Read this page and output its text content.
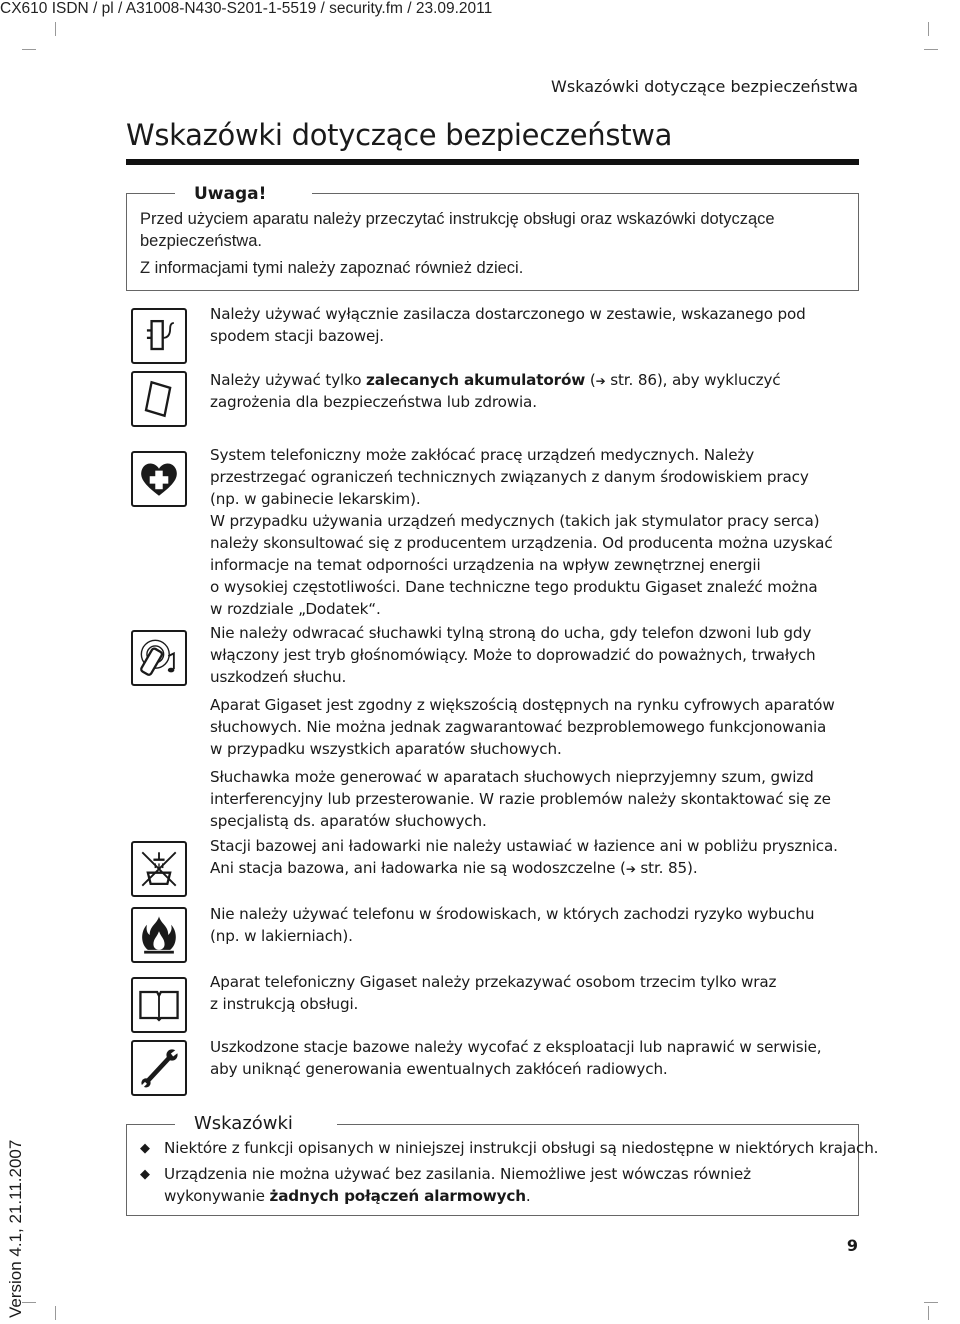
CX610 ISDN / pl / A31008-N430-S201-1-5519 / security.fm / 23.09.2011
Wskazówki dotyczące bezpieczeństwa
Wskazówki dotyczące bezpieczeństwa
Uwaga!
Przed użyciem aparatu należy przeczytać instrukcję obsługi oraz wskazówki dotyczące
bezpieczeństwa.
Z informacjami tymi należy zapoznać również dzieci.
Należy używać wyłącznie zasilacza dostarczonego w zestawie, wskazanego pod
spodem stacji bazowej.
Należy używać tylko zalecanych akumulatorów (➔ str. 86), aby wykluczyć
zagrożenia dla bezpieczeństwa lub zdrowia.
System telefoniczny może zakłócać pracę urządzeń medycznych. Należy
przestrzegać ograniczeń technicznych związanych z danym środowiskiem pracy
(np. w gabinecie lekarskim).
W przypadku używania urządzeń medycznych (takich jak stymulator pracy serca)
należy skonsultować się z producentem urządzenia. Od producenta można uzyskać
informacje na temat odporności urządzenia na wpływ zewnętrznej energii
o wysokiej częstotliwości. Dane techniczne tego produktu Gigaset znaleźć można
w rozdziale „Dodatek“.
Nie należy odwracać słuchawki tylną stroną do ucha, gdy telefon dzwoni lub gdy
włączony jest tryb głośnomówiący. Może to doprowadzić do poważnych, trwałych
uszkodzeń słuchu.
Aparat Gigaset jest zgodny z większością dostępnych na rynku cyfrowych aparatów
słuchowych. Nie można jednak zagwarantować bezproblemowego funkcjonowania
w przypadku wszystkich aparatów słuchowych.
Słuchawka może generować w aparatach słuchowych nieprzyjemny szum, gwizd
interferencyjny lub przesterowanie. W razie problemów należy skontaktować się ze
specjalistą ds. aparatów słuchowych.
Stacji bazowej ani ładowarki nie należy ustawiać w łazience ani w pobliżu prysznica.
Ani stacja bazowa, ani ładowarka nie są wodoszczelne (➔ str. 85).
Nie należy używać telefonu w środowiskach, w których zachodzi ryzyko wybuchu
(np. w lakierniach).
Aparat telefoniczny Gigaset należy przekazywać osobom trzecim tylko wraz
z instrukcją obsługi.
Uszkodzone stacje bazowe należy wycofać z eksploatacji lub naprawić w serwisie,
aby uniknąć generowania ewentualnych zakłóceń radiowych.
Wskazówki
◆ Niektóre z funkcji opisanych w niniejszej instrukcji obsługi są niedostępne w niektórych krajach.
◆ Urządzenia nie można używać bez zasilania. Niemożliwe jest wówczas również
wykonywanie żadnych połączeń alarmowych.
Version 4.1, 21.11.2007	9
